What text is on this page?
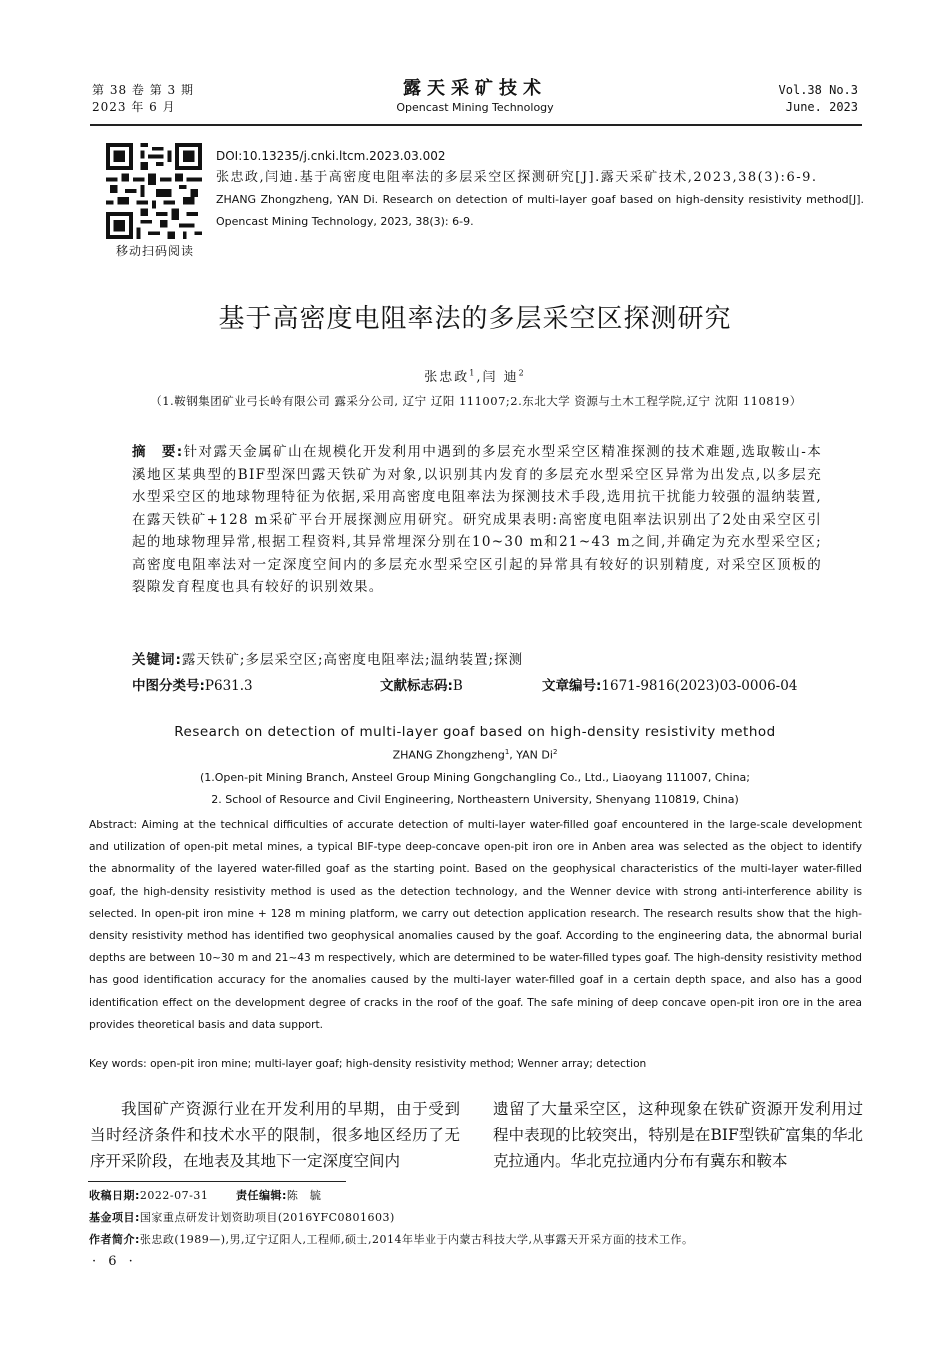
第 38 卷 第 3 期
2023 年 6 月
露天采矿技术
Opencast Mining Technology
Vol.38 No.3
June. 2023
移动扫码阅读
DOI:10.13235/j.cnki.ltcm.2023.03.002
张忠政,闫迪.基于高密度电阻率法的多层采空区探测研究[J].露天采矿技术,2023,38(3):6-9.
ZHANG Zhongzheng, YAN Di. Research on detection of multi-layer goaf based on high-density resistivity method[J]. Opencast Mining Technology, 2023, 38(3): 6-9.
基于高密度电阻率法的多层采空区探测研究
张忠政$^1$,闫 迪$^2$
（1.鞍钢集团矿业弓长岭有限公司 露采分公司, 辽宁 辽阳 111007;2.东北大学 资源与土木工程学院,辽宁 沈阳 110819）
摘　要:针对露天金属矿山在规模化开发利用中遇到的多层充水型采空区精准探测的技术难题,选取鞍山-本溪地区某典型的BIF型深凹露天铁矿为对象,以识别其内发育的多层充水型采空区异常为出发点,以多层充水型采空区的地球物理特征为依据,采用高密度电阻率法为探测技术手段,选用抗干扰能力较强的温纳装置,在露天铁矿+128 m采矿平台开展探测应用研究。研究成果表明:高密度电阻率法识别出了2处由采空区引起的地球物理异常,根据工程资料,其异常埋深分别在10~30 m和21~43 m之间,并确定为充水型采空区;高密度电阻率法对一定深度空间内的多层充水型采空区引起的异常具有较好的识别精度, 对采空区顶板的裂隙发育程度也具有较好的识别效果。
关键词:露天铁矿;多层采空区;高密度电阻率法;温纳装置;探测
中图分类号:P631.3	文献标志码:B	文章编号:1671-9816(2023)03-0006-04
Research on detection of multi-layer goaf based on high-density resistivity method
ZHANG Zhongzheng$^1$, YAN Di$^2$
(1.Open-pit Mining Branch, Ansteel Group Mining Gongchangling Co., Ltd., Liaoyang 111007, China;
2. School of Resource and Civil Engineering, Northeastern University, Shenyang 110819, China)
Abstract: Aiming at the technical difficulties of accurate detection of multi-layer water-filled goaf encountered in the large-scale development and utilization of open-pit metal mines, a typical BIF-type deep-concave open-pit iron ore in Anben area was selected as the object to identify the abnormality of the layered water-filled goaf as the starting point. Based on the geophysical characteristics of the multi-layer water-filled goaf, the high-density resistivity method is used as the detection technology, and the Wenner device with strong anti-interference ability is selected. In open-pit iron mine + 128 m mining platform, we carry out detection application research. The research results show that the high-density resistivity method has identified two geophysical anomalies caused by the goaf. According to the engineering data, the abnormal burial depths are between 10~30 m and 21~43 m respectively, which are determined to be water-filled types goaf. The high-density resistivity method has good identification accuracy for the anomalies caused by the multi-layer water-filled goaf in a certain depth space, and also has a good identification effect on the development degree of cracks in the roof of the goaf. The safe mining of deep concave open-pit iron ore in the area provides theoretical basis and data support.
Key words: open-pit iron mine; multi-layer goaf; high-density resistivity method; Wenner array; detection
我国矿产资源行业在开发利用的早期，由于受到当时经济条件和技术水平的限制，很多地区经历了无序开采阶段，在地表及其地下一定深度空间内
遗留了大量采空区，这种现象在铁矿资源开发利用过程中表现的比较突出，特别是在BIF型铁矿富集的华北克拉通内。华北克拉通内分布有冀东和鞍本
收稿日期:2022-07-31	责任编辑:陈　毓
基金项目:国家重点研发计划资助项目(2016YFC0801603)
作者简介:张忠政(1989—),男,辽宁辽阳人,工程师,硕士,2014年毕业于内蒙古科技大学,从事露天开采方面的技术工作。
· 6 ·
